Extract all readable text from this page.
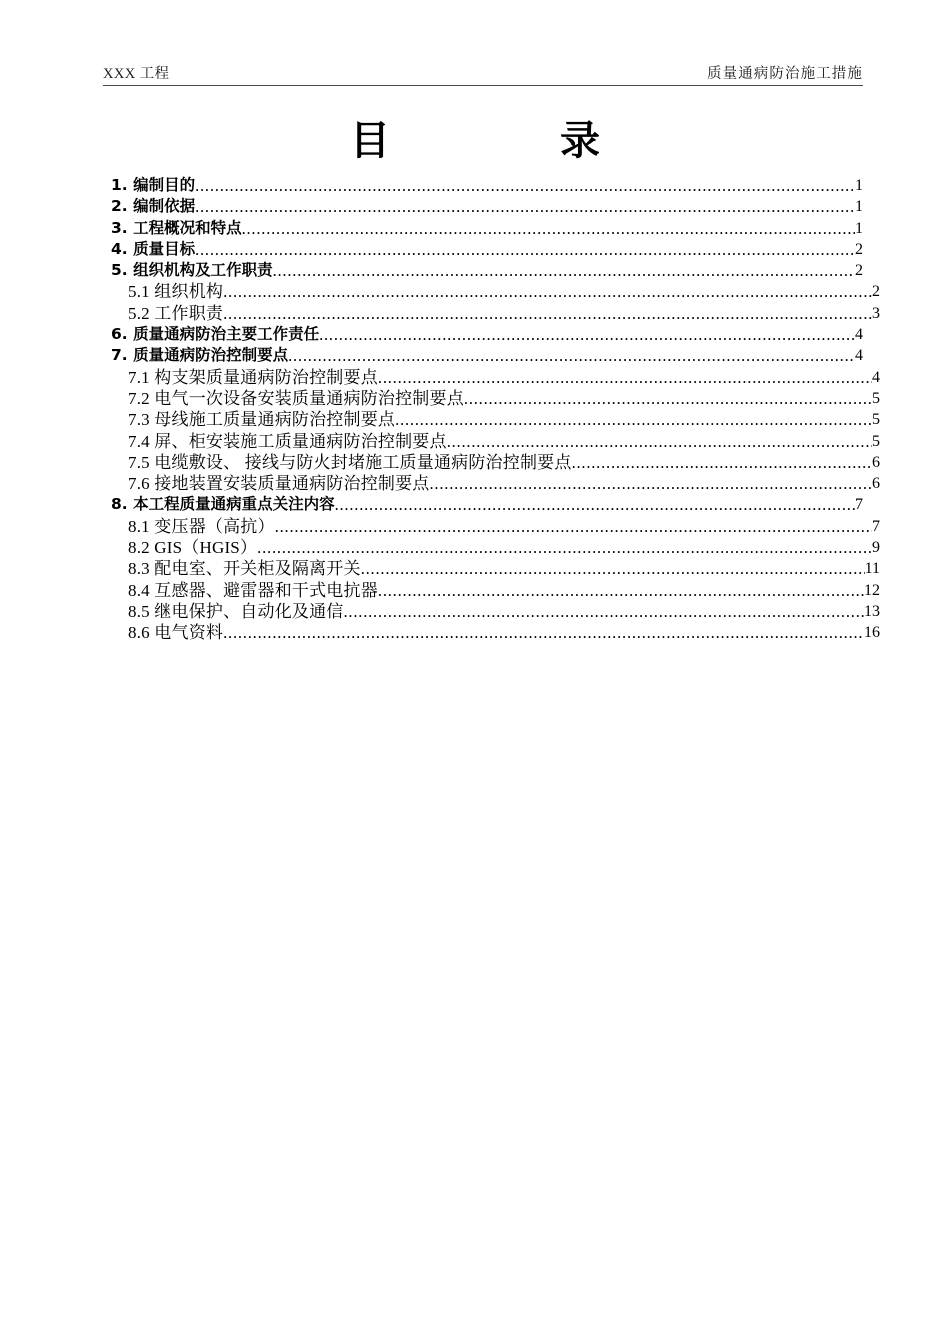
XXX 工程	质量通病防治施工措施
目　　录
1. 编制目的 .....	1
2. 编制依据 .....	1
3. 工程概况和特点 .....	1
4. 质量目标 .....	2
5. 组织机构及工作职责 .....	2
5.1 组织机构 .....	2
5.2 工作职责 .....	3
6. 质量通病防治主要工作责任 .....	4
7. 质量通病防治控制要点 .....	4
7.1 构支架质量通病防治控制要点 .....	4
7.2 电气一次设备安装质量通病防治控制要点 .....	5
7.3 母线施工质量通病防治控制要点 .....	5
7.4 屏、柜安装施工质量通病防治控制要点 .....	5
7.5 电缆敷设、 接线与防火封堵施工质量通病防治控制要点 .....	6
7.6 接地装置安装质量通病防治控制要点 .....	6
8. 本工程质量通病重点关注内容 .....	7
8.1 变压器（高抗） .....	7
8.2 GIS（HGIS） .....	9
8.3 配电室、开关柜及隔离开关 .....	11
8.4 互感器、避雷器和干式电抗器 .....	12
8.5 继电保护、自动化及通信 .....	13
8.6 电气资料 .....	16
